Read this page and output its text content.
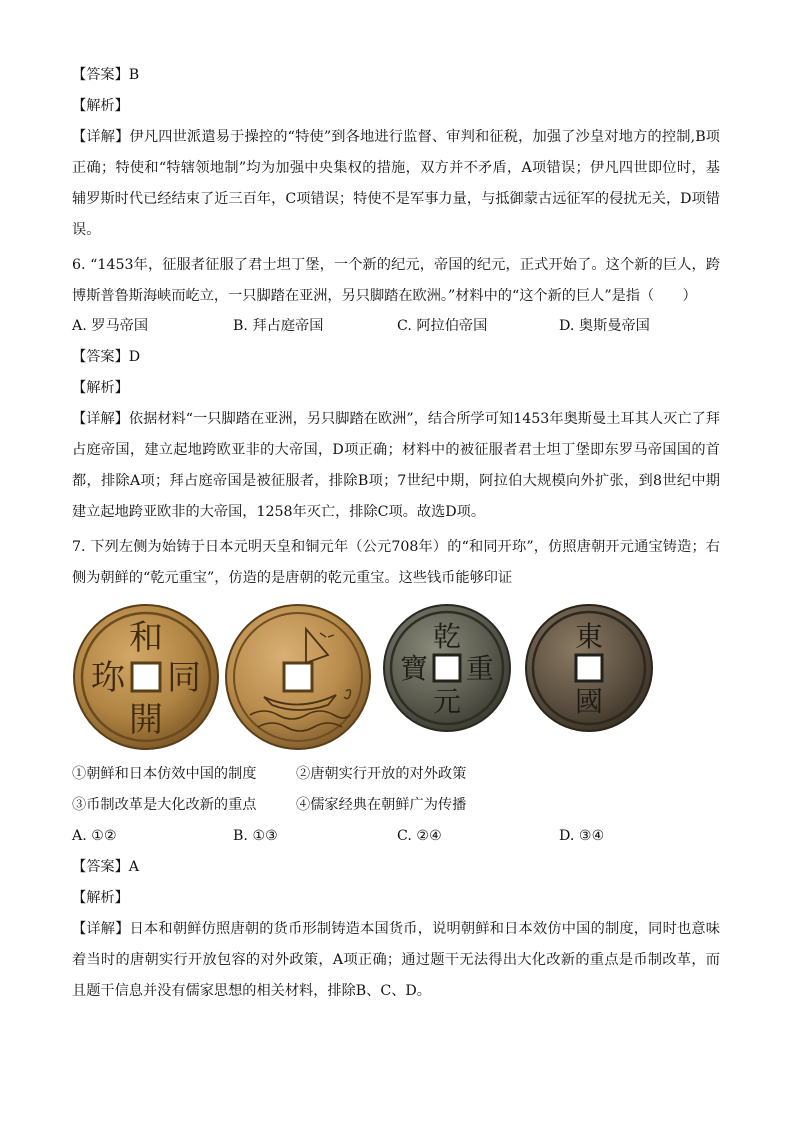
【答案】B
【解析】
【详解】伊凡四世派遣易于操控的“特使”到各地进行监督、审判和征税，加强了沙皇对地方的控制,B项正确；特使和“特辖领地制”均为加强中央集权的措施，双方并不矛盾，A项错误；伊凡四世即位时，基辅罗斯时代已经结束了近三百年，C项错误；特使不是军事力量，与抵御蒙古远征军的侵扰无关，D项错误。
6. “1453年，征服者征服了君士坦丁堡，一个新的纪元，帝国的纪元，正式开始了。这个新的巨人，跨博斯普鲁斯海峡而屹立，一只脚踏在亚洲，另只脚踏在欧洲。”材料中的“这个新的巨人”是指（　　）
A. 罗马帝国	B. 拜占庭帝国	C. 阿拉伯帝国	D. 奥斯曼帝国
【答案】D
【解析】
【详解】依据材料“一只脚踏在亚洲，另只脚踏在欧洲”，结合所学可知1453年奥斯曼土耳其人灭亡了拜占庭帝国，建立起地跨欧亚非的大帝国，D项正确；材料中的被征服者君士坦丁堡即东罗马帝国国的首都，排除A项；拜占庭帝国是被征服者，排除B项；7世纪中期，阿拉伯大规模向外扩张，到8世纪中期建立起地跨亚欧非的大帝国，1258年灭亡，排除C项。故选D项。
7. 下列左侧为始铸于日本元明天皇和铜元年（公元708年）的“和同开珎”，仿照唐朝开元通宝铸造；右侧为朝鲜的“乾元重宝”，仿造的是唐朝的乾元重宝。这些钱币能够印证
和
同
開
珎
乾
重
元
寶
東
國
①朝鲜和日本仿效中国的制度	②唐朝实行开放的对外政策
③币制改革是大化改新的重点	④儒家经典在朝鲜广为传播
A. ①②	B. ①③	C. ②④	D. ③④
【答案】A
【解析】
【详解】日本和朝鲜仿照唐朝的货币形制铸造本国货币，说明朝鲜和日本效仿中国的制度，同时也意味着当时的唐朝实行开放包容的对外政策，A项正确；通过题干无法得出大化改新的重点是币制改革，而且题干信息并没有儒家思想的相关材料，排除B、C、D。
